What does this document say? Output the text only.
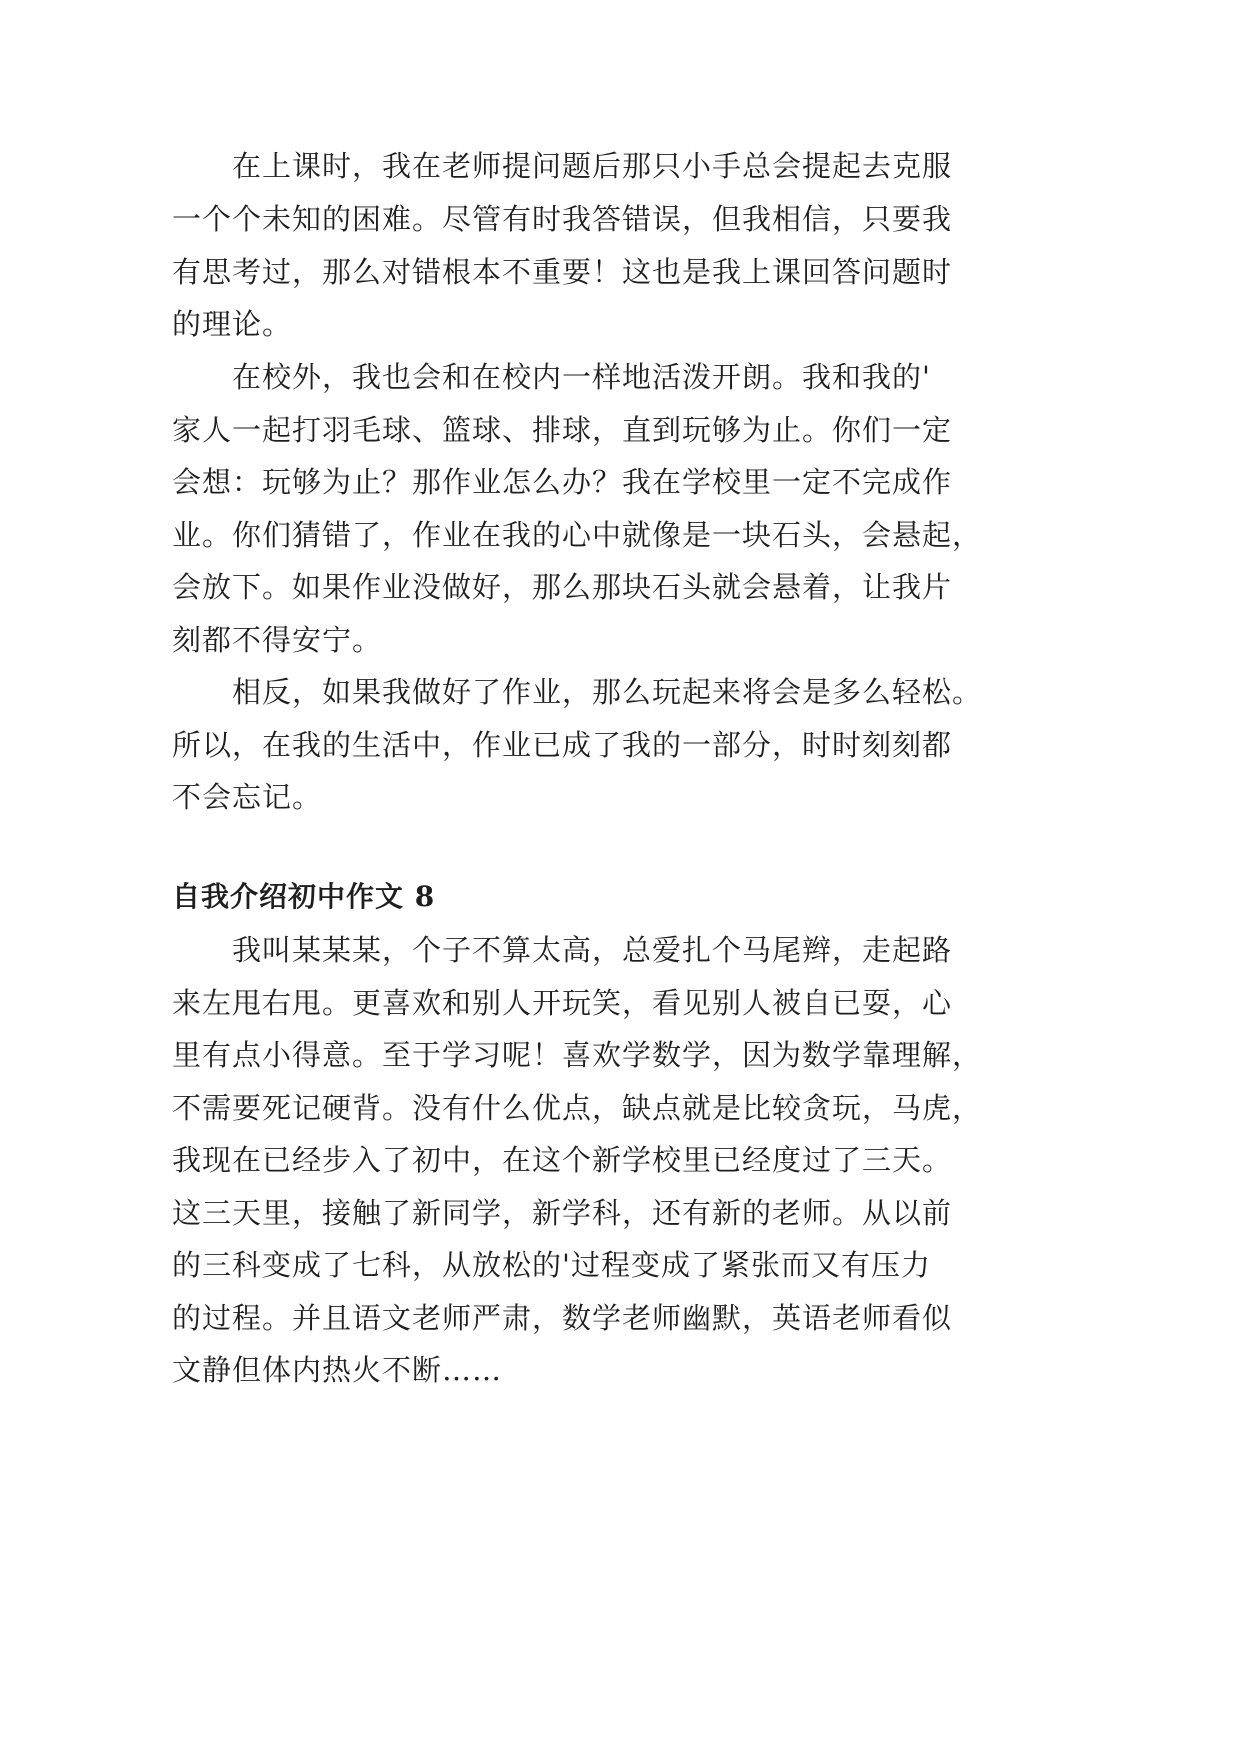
在上课时，我在老师提问题后那只小手总会提起去克服

一个个未知的困难。尽管有时我答错误，但我相信，只要我

有思考过，那么对错根本不重要！这也是我上课回答问题时

的理论。

在校外，我也会和在校内一样地活泼开朗。我和我的'

家人一起打羽毛球、篮球、排球，直到玩够为止。你们一定

会想：玩够为止？那作业怎么办？我在学校里一定不完成作

业。你们猜错了，作业在我的心中就像是一块石头，会悬起，

会放下。如果作业没做好，那么那块石头就会悬着，让我片

刻都不得安宁。

相反，如果我做好了作业，那么玩起来将会是多么轻松。

所以，在我的生活中，作业已成了我的一部分，时时刻刻都

不会忘记。

自我介绍初中作文 8

我叫某某某，个子不算太高，总爱扎个马尾辫，走起路

来左甩右甩。更喜欢和别人开玩笑，看见别人被自已耍，心

里有点小得意。至于学习呢！喜欢学数学，因为数学靠理解，

不需要死记硬背。没有什么优点，缺点就是比较贪玩，马虎，

我现在已经步入了初中，在这个新学校里已经度过了三天。

这三天里，接触了新同学，新学科，还有新的老师。从以前

的三科变成了七科，从放松的'过程变成了紧张而又有压力

的过程。并且语文老师严肃，数学老师幽默，英语老师看似

文静但体内热火不断……
